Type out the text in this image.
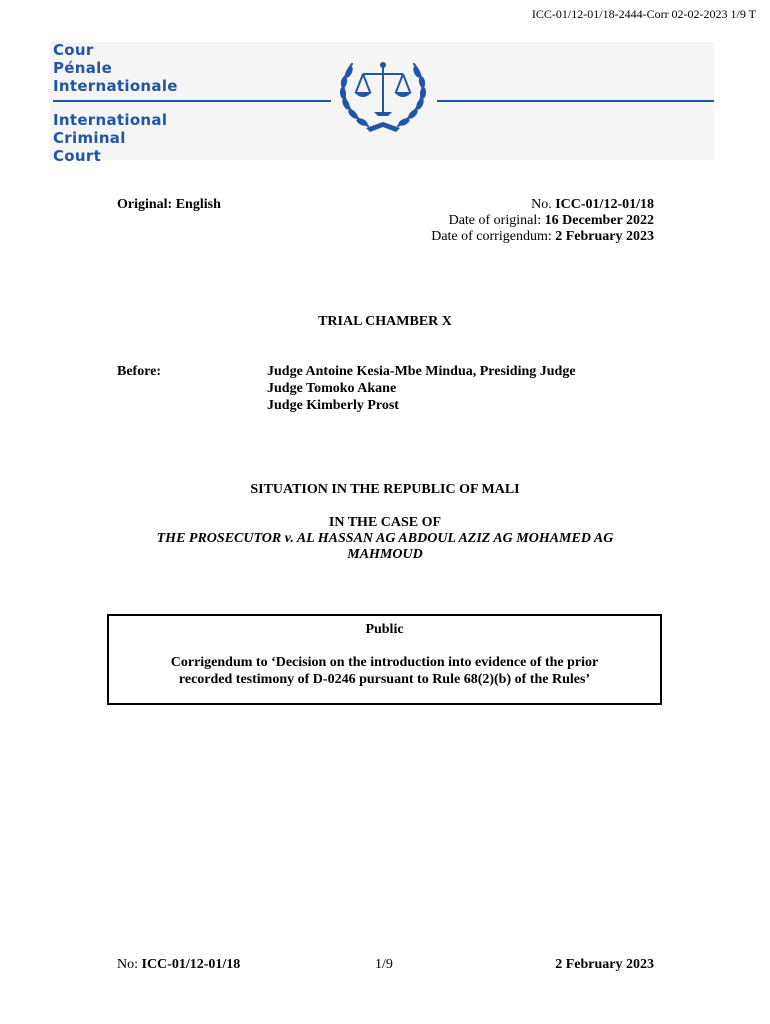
ICC-01/12-01/18-2444-Corr 02-02-2023 1/9 T
Cour
Pénale
Internationale
International
Criminal
Court
Original: English	No. ICC-01/12-01/18
Date of original: 16 December 2022
Date of corrigendum: 2 February 2023
TRIAL CHAMBER X
Before:	Judge Antoine Kesia-Mbe Mindua, Presiding Judge
Judge Tomoko Akane
Judge Kimberly Prost
SITUATION IN THE REPUBLIC OF MALI
IN THE CASE OF
THE PROSECUTOR v. AL HASSAN AG ABDOUL AZIZ AG MOHAMED AG
MAHMOUD
Public
Corrigendum to ‘Decision on the introduction into evidence of the prior
recorded testimony of D-0246 pursuant to Rule 68(2)(b) of the Rules’
No: ICC-01/12-01/18	1/9	2 February 2023
